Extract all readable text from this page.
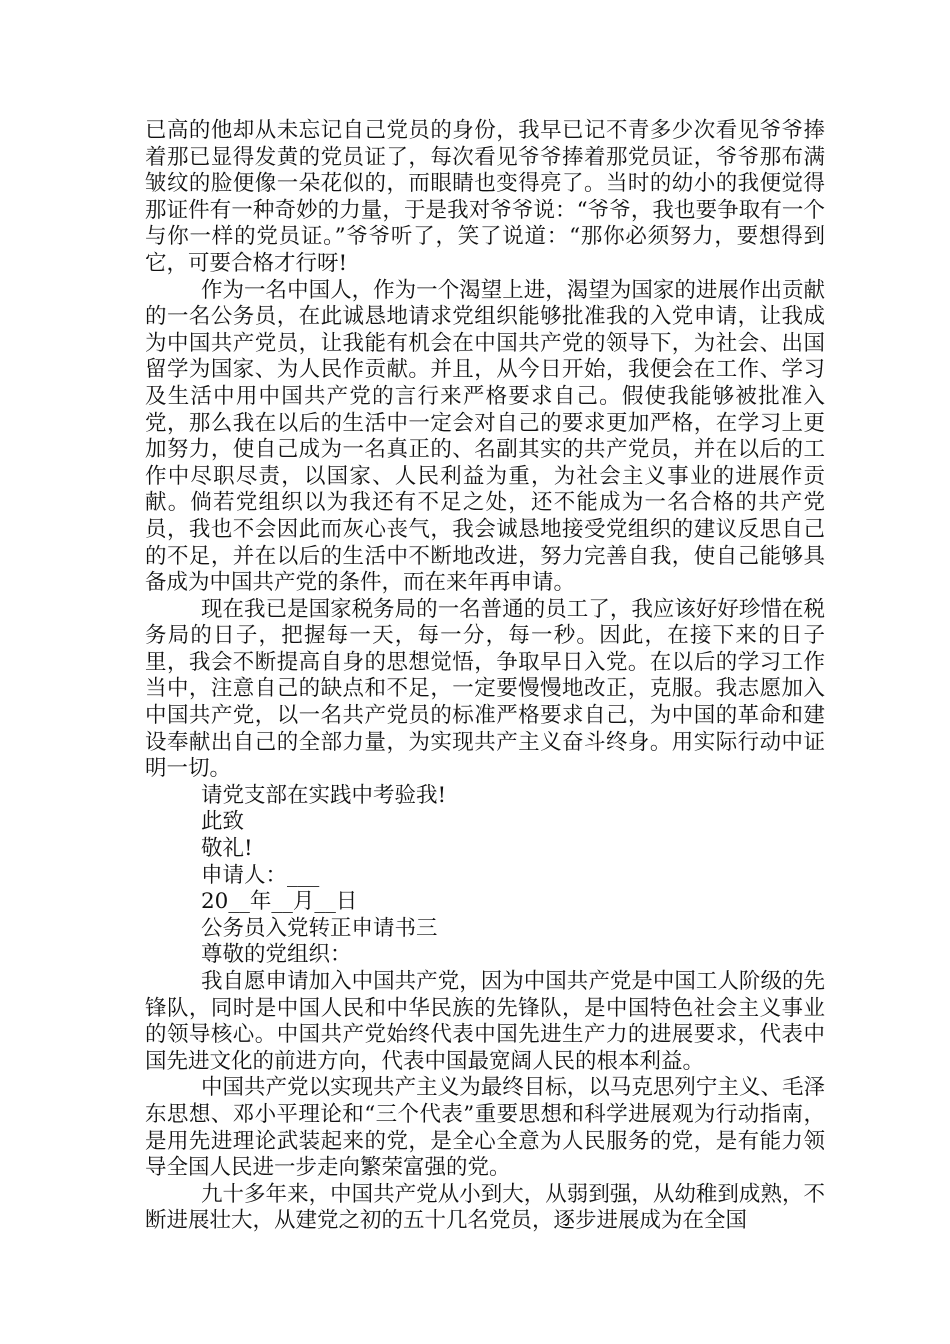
已高的他却从未忘记自己党员的身份，我早已记不青多少次看见爷爷捧着那已显得发黄的党员证了，每次看见爷爷捧着那党员证，爷爷那布满皱纹的脸便像一朵花似的，而眼睛也变得亮了。当时的幼小的我便觉得那证件有一种奇妙的力量，于是我对爷爷说：“爷爷，我也要争取有一个与你一样的党员证。”爷爷听了，笑了说道：“那你必须努力，要想得到它，可要合格才行呀!

作为一名中国人，作为一个渴望上进，渴望为国家的进展作出贡献的一名公务员，在此诚恳地请求党组织能够批准我的入党申请，让我成为中国共产党员，让我能有机会在中国共产党的领导下，为社会、出国留学为国家、为人民作贡献。并且，从今日开始，我便会在工作、学习及生活中用中国共产党的言行来严格要求自己。假使我能够被批准入党，那么我在以后的生活中一定会对自己的要求更加严格，在学习上更加努力，使自己成为一名真正的、名副其实的共产党员，并在以后的工作中尽职尽责，以国家、人民利益为重，为社会主义事业的进展作贡献。倘若党组织以为我还有不足之处，还不能成为一名合格的共产党员，我也不会因此而灰心丧气，我会诚恳地接受党组织的建议反思自己的不足，并在以后的生活中不断地改进，努力完善自我，使自己能够具备成为中国共产党的条件，而在来年再申请。

现在我已是国家税务局的一名普通的员工了，我应该好好珍惜在税务局的日子，把握每一天，每一分，每一秒。因此，在接下来的日子里，我会不断提高自身的思想觉悟，争取早日入党。在以后的学习工作当中，注意自己的缺点和不足，一定要慢慢地改正，克服。我志愿加入中国共产党，以一名共产党员的标准严格要求自己，为中国的革命和建设奉献出自己的全部力量，为实现共产主义奋斗终身。用实际行动中证明一切。

请党支部在实践中考验我!

此致

敬礼!

申请人：___

20__年__月__日

公务员入党转正申请书三

尊敬的党组织：

我自愿申请加入中国共产党，因为中国共产党是中国工人阶级的先锋队，同时是中国人民和中华民族的先锋队，是中国特色社会主义事业的领导核心。中国共产党始终代表中国先进生产力的进展要求，代表中国先进文化的前进方向，代表中国最宽阔人民的根本利益。

中国共产党以实现共产主义为最终目标，以马克思列宁主义、毛泽东思想、邓小平理论和“三个代表”重要思想和科学进展观为行动指南，是用先进理论武装起来的党，是全心全意为人民服务的党，是有能力领导全国人民进一步走向繁荣富强的党。

九十多年来，中国共产党从小到大，从弱到强，从幼稚到成熟，不断进展壮大，从建党之初的五十几名党员，逐步进展成为在全国
